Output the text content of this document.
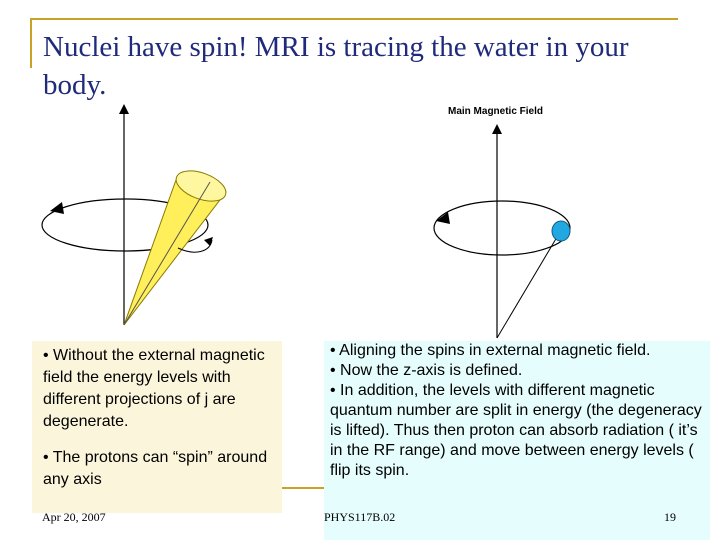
Nuclei have spin! MRI is tracing the water in your body.
Main Magnetic Field

• Without the external magnetic field the energy levels with different projections of j are degenerate.

• The protons can “spin” around any axis

• Aligning the spins in external magnetic field.

• Now the z-axis is defined.

• In addition, the levels with different magnetic quantum number are split in energy (the degeneracy is lifted). Thus then proton can absorb radiation ( it’s in the RF range) and move between energy levels ( flip its spin.

Apr 20, 2007	PHYS117B.02	19
